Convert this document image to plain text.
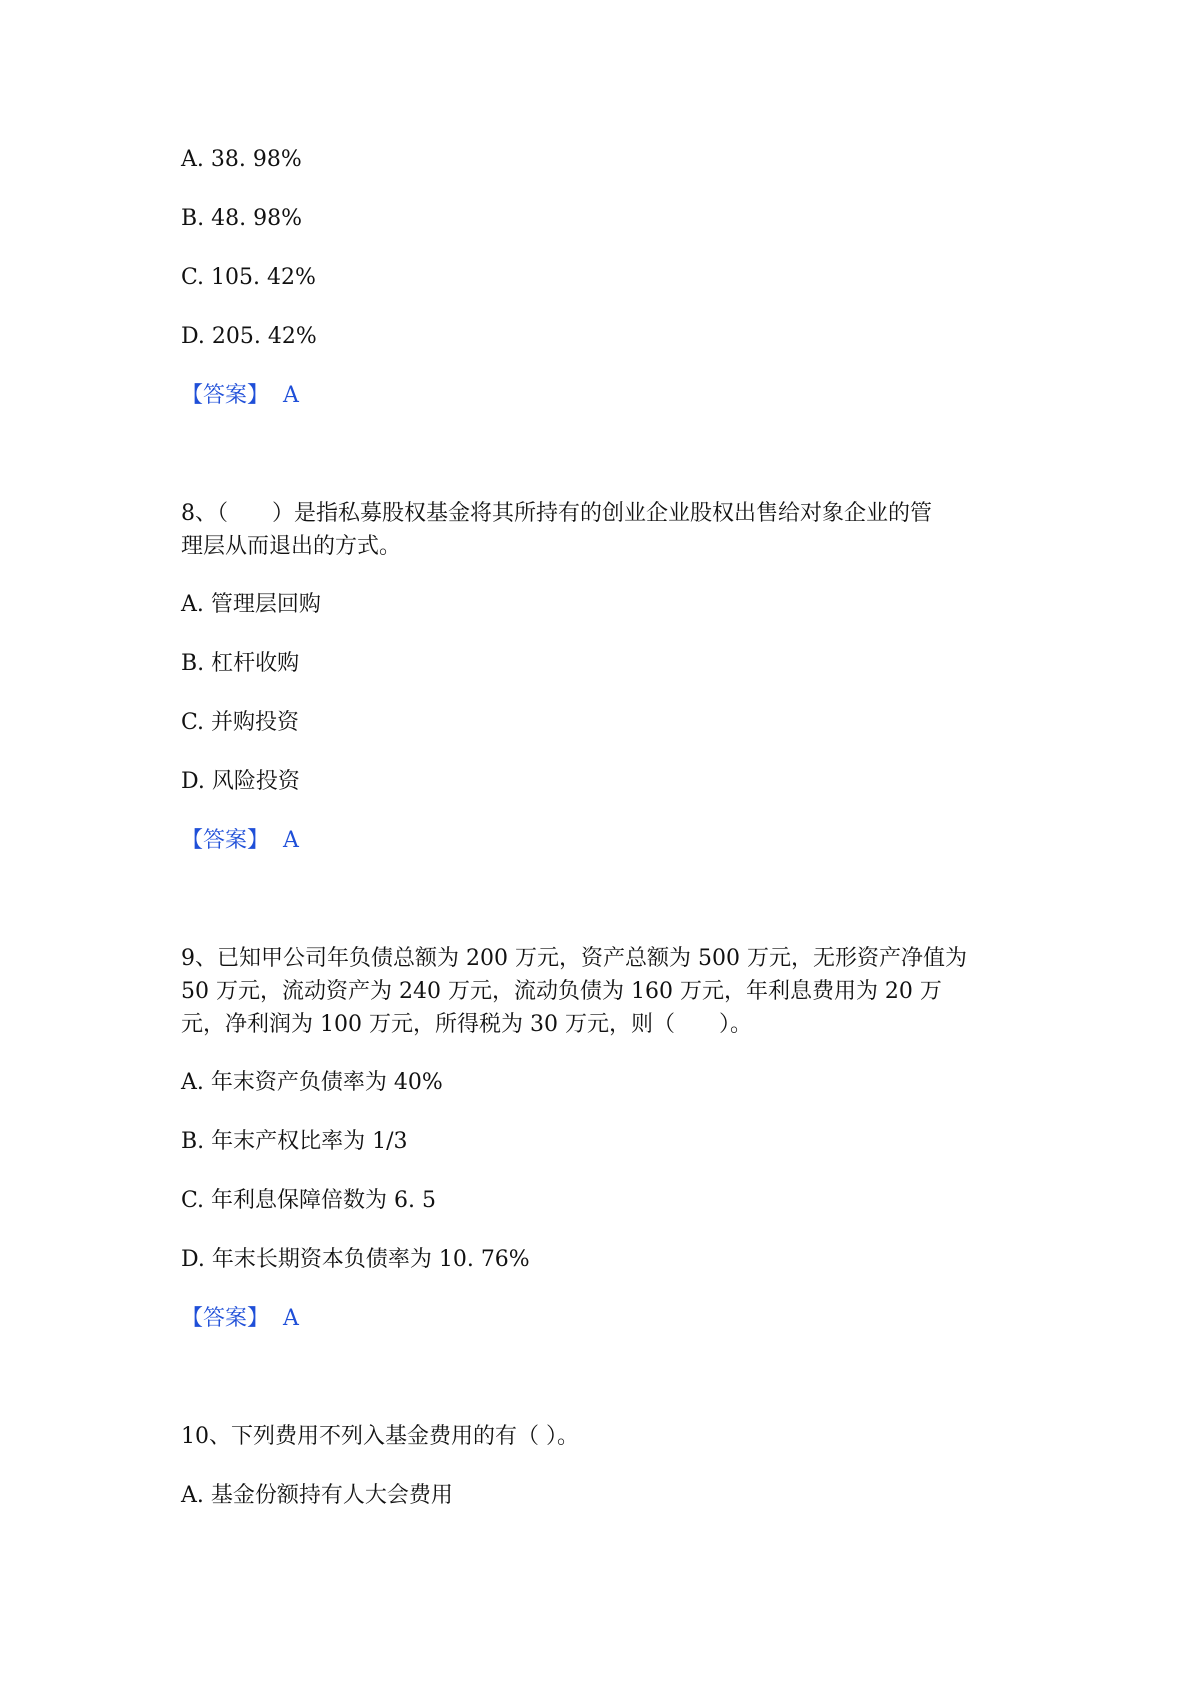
A. 38. 98%
B. 48. 98%
C. 105. 42%
D. 205. 42%
【答案】 A
8、（　　）是指私募股权基金将其所持有的创业企业股权出售给对象企业的管
理层从而退出的方式。
A. 管理层回购
B. 杠杆收购
C. 并购投资
D. 风险投资
【答案】 A
9、已知甲公司年负债总额为 200 万元，资产总额为 500 万元，无形资产净值为
50 万元，流动资产为 240 万元，流动负债为 160 万元，年利息费用为 20 万
元，净利润为 100 万元，所得税为 30 万元，则（　　）。
A. 年末资产负债率为 40%
B. 年末产权比率为 1/3
C. 年利息保障倍数为 6. 5
D. 年末长期资本负债率为 10. 76%
【答案】 A
10、下列费用不列入基金费用的有（ ）。
A. 基金份额持有人大会费用
